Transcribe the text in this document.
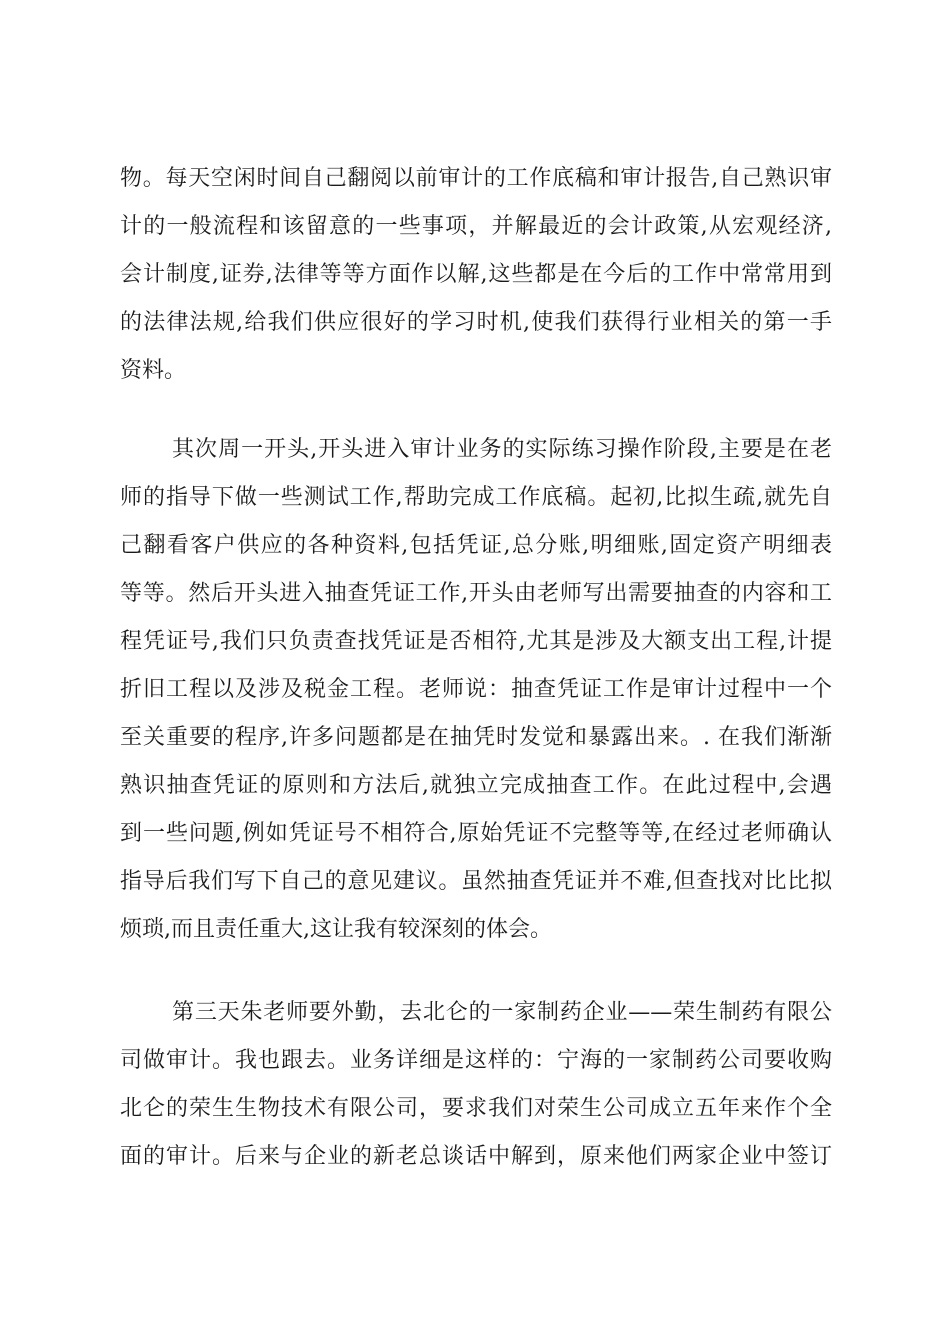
物。每天空闲时间自己翻阅以前审计的工作底稿和审计报告,自己熟识审
计的一般流程和该留意的一些事项，并解最近的会计政策,从宏观经济,
会计制度,证券,法律等等方面作以解,这些都是在今后的工作中常常用到
的法律法规,给我们供应很好的学习时机,使我们获得行业相关的第一手
资料。
其次周一开头,开头进入审计业务的实际练习操作阶段,主要是在老
师的指导下做一些测试工作,帮助完成工作底稿。起初,比拟生疏,就先自
己翻看客户供应的各种资料,包括凭证,总分账,明细账,固定资产明细表
等等。然后开头进入抽查凭证工作,开头由老师写出需要抽查的内容和工
程凭证号,我们只负责查找凭证是否相符,尤其是涉及大额支出工程,计提
折旧工程以及涉及税金工程。老师说：抽查凭证工作是审计过程中一个
至关重要的程序,许多问题都是在抽凭时发觉和暴露出来。. 在我们渐渐
熟识抽查凭证的原则和方法后,就独立完成抽查工作。在此过程中,会遇
到一些问题,例如凭证号不相符合,原始凭证不完整等等,在经过老师确认
指导后我们写下自己的意见建议。虽然抽查凭证并不难,但查找对比比拟
烦琐,而且责任重大,这让我有较深刻的体会。
第三天朱老师要外勤，去北仑的一家制药企业——荣生制药有限公
司做审计。我也跟去。业务详细是这样的：宁海的一家制药公司要收购
北仑的荣生生物技术有限公司，要求我们对荣生公司成立五年来作个全
面的审计。后来与企业的新老总谈话中解到，原来他们两家企业中签订
